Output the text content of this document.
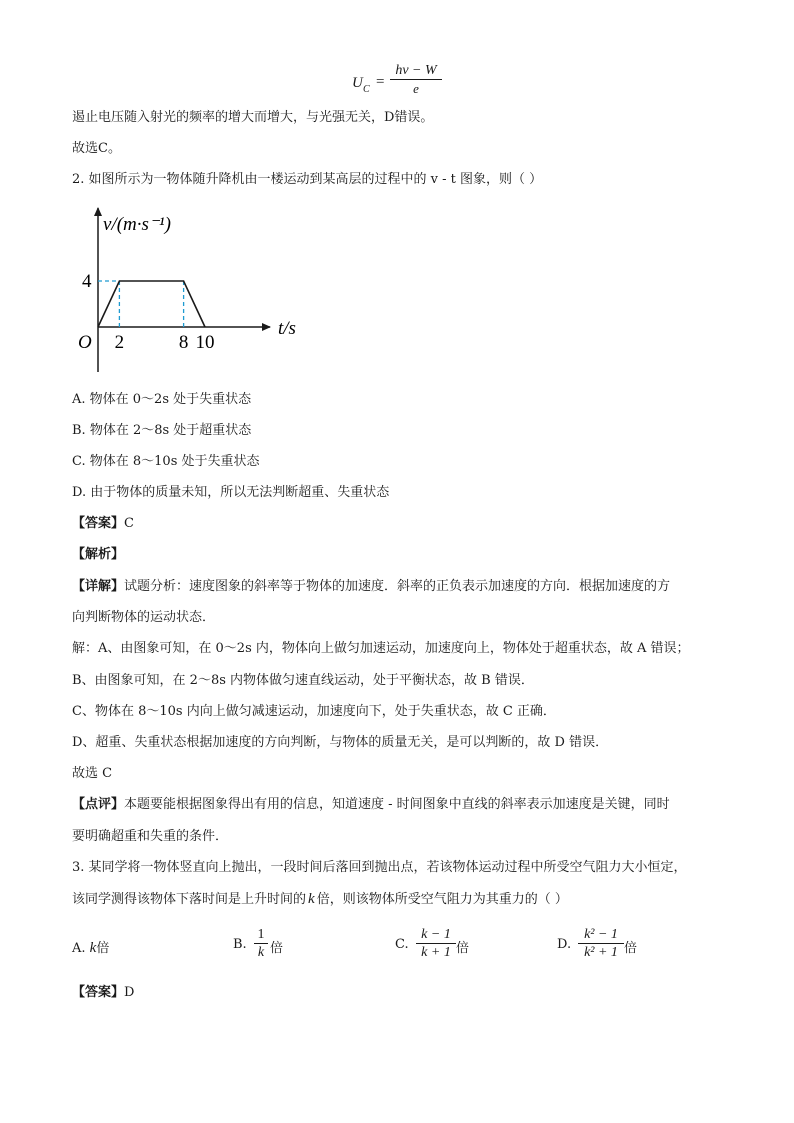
U $C = \frac{h\nu - W}{e}$
遏止电压随入射光的频率的增大而增大，与光强无关，D错误。
故选C。
2. 如图所示为一物体随升降机由一楼运动到某高层的过程中的 v - t 图象，则（ ）
v/(m·s⁻¹)
t/s
O 2	8 10
4
A. 物体在 0～2s 处于失重状态
B. 物体在 2～8s 处于超重状态
C. 物体在 8～10s 处于失重状态
D. 由于物体的质量未知，所以无法判断超重、失重状态
【答案】C
【解析】
【详解】试题分析：速度图象的斜率等于物体的加速度．斜率的正负表示加速度的方向．根据加速度的方
向判断物体的运动状态．
解：A、由图象可知，在 0～2s 内，物体向上做匀加速运动，加速度向上，物体处于超重状态，故 A 错误；
B、由图象可知，在 2～8s 内物体做匀速直线运动，处于平衡状态，故 B 错误．
C、物体在 8～10s 内向上做匀减速运动，加速度向下，处于失重状态，故 C 正确．
D、超重、失重状态根据加速度的方向判断，与物体的质量无关，是可以判断的，故 D 错误．
故选 C
【点评】本题要能根据图象得出有用的信息，知道速度 - 时间图象中直线的斜率表示加速度是关键，同时
要明确超重和失重的条件．
3. 某同学将一物体竖直向上抛出，一段时间后落回到抛出点，若该物体运动过程中所受空气阻力大小恒定，
该同学测得该物体下落时间是上升时间的 k 倍，则该物体所受空气阻力为其重力的（ ）
A. k倍	B. $\frac{1}{k}$ 倍	C. $\frac{k - 1}{k + 1}$ 倍	D. $\frac{\text{k² − 1}}{\text{k² + 1}}$ 倍
【答案】D
